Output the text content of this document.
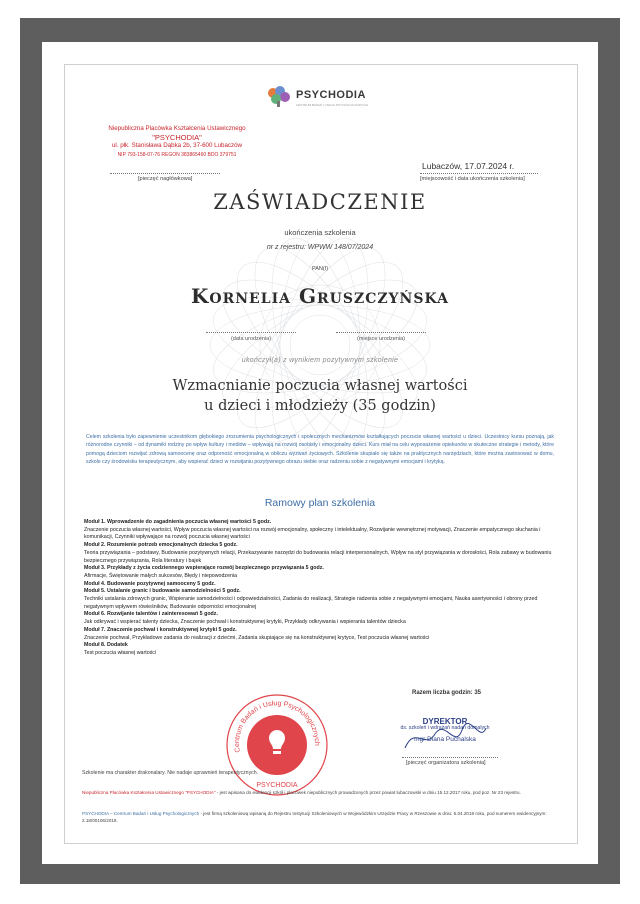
PSYCHODIA
CENTRUM BADAŃ I USŁUG PSYCHOLOGICZNYCH
Niepubliczna Placówka Kształcenia Ustawicznego
"PSYCHODIA"
ul. płk. Stanisława Dąbka 2b, 37-600 Lubaczów
NIP 793-158-07-76 REGON 383865460 BDO 379751
[pieczęć nagłówkowa]
Lubaczów, 17.07.2024 r.
[miejscowość i data ukończenia szkolenia]
ZAŚWIADCZENIE
ukończenia szkolenia
nr z rejestru: WPWW 148/07/2024
PAN(I)
Kornelia Gruszczyńska
(data urodzenia)	(miejsce urodzenia)
ukończył(a) z wynikiem pozytywnym szkolenie
Wzmacnianie poczucia własnej wartości
u dzieci i młodzieży (35 godzin)
Celem szkolenia było zapewnienie uczestnikom głębokiego zrozumienia psychologicznych i społecznych mechanizmów kształtujących poczucie własnej wartości u dzieci. Uczestnicy kursu poznają, jak różnorodne czynniki – od dynamiki rodziny po wpływ kultury i mediów – wpływają na rozwój osobisty i emocjonalny dzieci. Kurs miał na celu wyposażenie opiekunów w skuteczne strategie i metody, które pomogą dzieciom rozwijać zdrową samoocenę oraz odporność emocjonalną w obliczu wyzwań życiowych. Szkolenie skupiało się także na praktycznych narzędziach, które można zastosować w domu, szkole czy środowisku terapeutycznym, aby wspierać dzieci w rozwijaniu pozytywnego obrazu siebie oraz radzeniu sobie z negatywnymi emocjami i krytyką.
Ramowy plan szkolenia
Moduł 1. Wprowadzenie do zagadnienia poczucia własnej wartości 5 godz.
Znaczenie poczucia własnej wartości, Wpływ poczucia własnej wartości na rozwój emocjonalny, społeczny i intelektualny, Rozwijanie wewnętrznej motywacji, Znaczenie empatycznego słuchania i komunikacji, Czynniki wpływające na rozwój poczucia własnej wartości
Moduł 2. Rozumienie potrzeb emocjonalnych dziecka 5 godz.
Teoria przywiązania – podstawy, Budowanie pozytywnych relacji, Przekazywanie narzędzi do budowania relacji interpersonalnych, Wpływ na styl przywiązania w dorosłości, Rola zabawy w budowaniu bezpiecznego przywiązania, Rola literatury i bajek
Moduł 3. Przykłady z życia codziennego wspierające rozwój bezpiecznego przywiązania 5 godz.
Afirmacje, Świętowanie małych sukcesów, Błędy i niepowodzenia
Moduł 4. Budowanie pozytywnej samooceny 5 godz.
Moduł 5. Ustalanie granic i budowanie samodzielności 5 godz.
Techniki ustalania zdrowych granic, Wspieranie samodzielności i odpowiedzialności, Zadania do realizacji, Strategie radzenia sobie z negatywnymi emocjami, Nauka asertywności i obrony przed negatywnym wpływem rówieśników, Budowanie odporności emocjonalnej
Moduł 6. Rozwijanie talentów i zainteresowań 5 godz.
Jak odkrywać i wspierać talenty dziecka, Znaczenie pochwał i konstruktywnej krytyki, Przykłady odkrywania i wspierania talentów dziecka
Moduł 7. Znaczenie pochwał i konstruktywnej krytyki 5 godz.
Znaczenie pochwał, Przykładowe zadania do realizacji z dziećmi, Zadania skupiające się na konstruktywnej krytyce, Test poczucia własnej wartości
Moduł 8. Dodatek
Test poczucia własnej wartości
Razem liczba godzin: 35
Centrum Badań i Usług Psychologicznych
PSYCHODIA
DYREKTOR
ds. szkoleń i wdrażań nadań domalych
mgr Diana Puchalska
[pieczęć organizatora szkolenia]
Szkolenie ma charakter drakonalary. Nie nadaje uprawnień terapeutycznych.
Niepubliczna Placówka Kształcenia Ustawicznego "PSYCHODIA" - jest wpisana do ewidencji szkół i placówek niepublicznych prowadzonych przez powiat lubaczowski w dniu 15.12.2017 roku, pod poz. Nr 23 rejestru.
PSYCHODIA – Centrum Badań i Usług Psychologicznych - jest firmą szkoleniową wpisaną do Rejestru Instytucji Szkoleniowych w Wojewódzkim Urzędzie Pracy w Rzeszowie w dniu: 5.04.2018 roku, pod numerem ewidencyjnym: 2.18/00106/2018.
